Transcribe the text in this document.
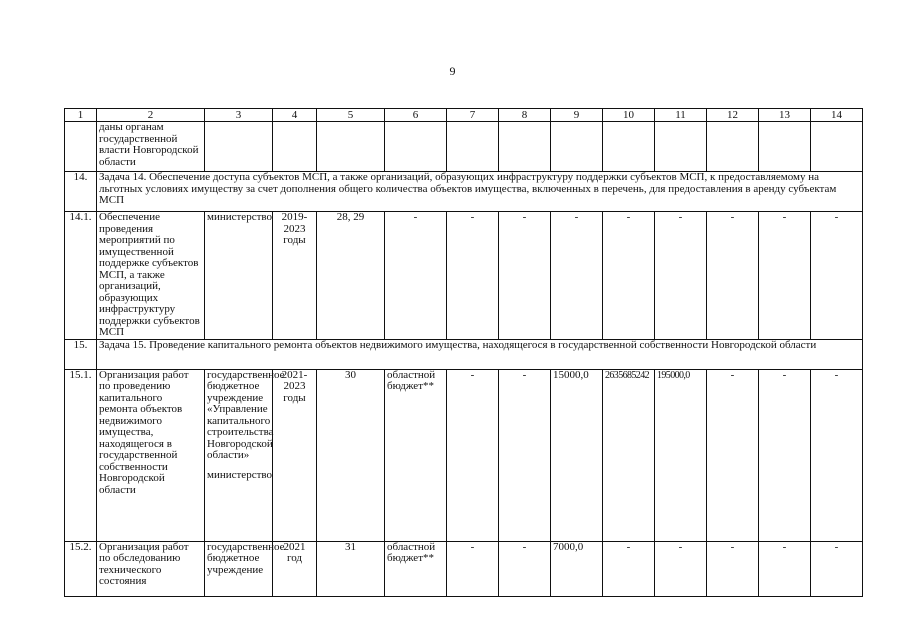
9
1	2	3	4	5	6	7	8	9	10	11	12	13	14
	даны органам государственной власти Новгородской области												
14.	Задача 14. Обеспечение доступа субъектов МСП, а также организаций, образующих инфраструктуру поддержки субъектов МСП, к предоставляемому на льготных условиях имуществу за счет дополнения общего количества объектов имущества, включенных в перечень, для предоставления в аренду субъектам МСП												
14.1.	Обеспечение проведения мероприятий по имущественной поддержке субъектов МСП, а также организаций, образующих инфраструктуру поддержки субъектов МСП	министерство	2019-2023 годы	28, 29	-	-	-	-	-	-	-	-	-
15.	Задача 15. Проведение капитального ремонта объектов недвижимого имущества, находящегося в государственной собственности Новгородской области												
15.1.	Организация работ по проведению капитального ремонта объектов недвижимого имущества, находящегося в государственной собственности Новгородской области	государственное бюджетное учреждение «Управление капитального строительства Новгородской области»
министерство	2021-2023 годы	30	областной бюджет**	-	-	15000,0	2635685242	195000,0	-	-	-
15.2.	Организация работ по обследованию технического состояния	государственное бюджетное учреждение	2021 год	31	областной бюджет**	-	-	7000,0	-	-	-	-	-
